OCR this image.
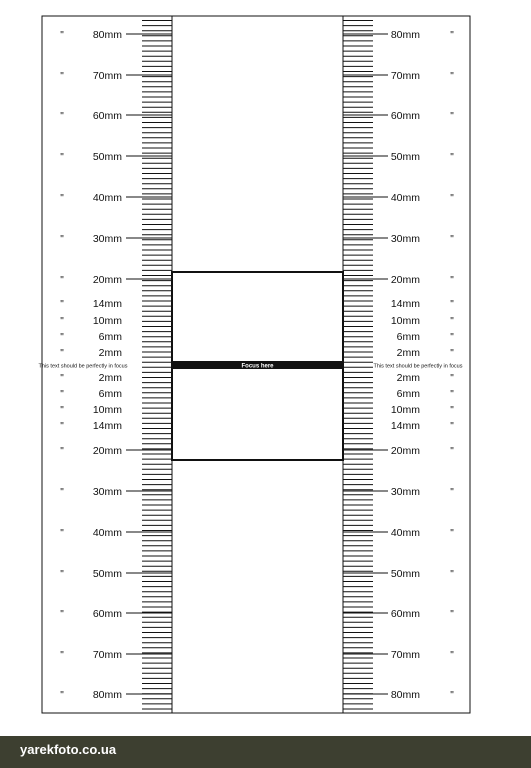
Focus here
This text should be perfectly in focus	This text should be perfectly in focus
80mm
"	80mm	"
70mm
"	70mm	"
60mm
"	60mm	"
50mm
"	50mm	"
40mm
"	40mm	"
30mm
"	30mm	"
20mm
"	20mm	"
14mm
"	14mm	"
10mm
"	10mm	"
6mm
"	6mm	"
2mm
"	2mm	"
2mm
"	2mm	"
6mm
"	6mm	"
10mm
"	10mm	"
14mm
"	14mm	"
20mm
"	20mm	"
30mm
"	30mm	"
40mm
"	40mm	"
50mm
"	50mm	"
60mm
"	60mm	"
70mm
"	70mm	"
80mm
"	80mm	"
yarekfoto.co.ua
